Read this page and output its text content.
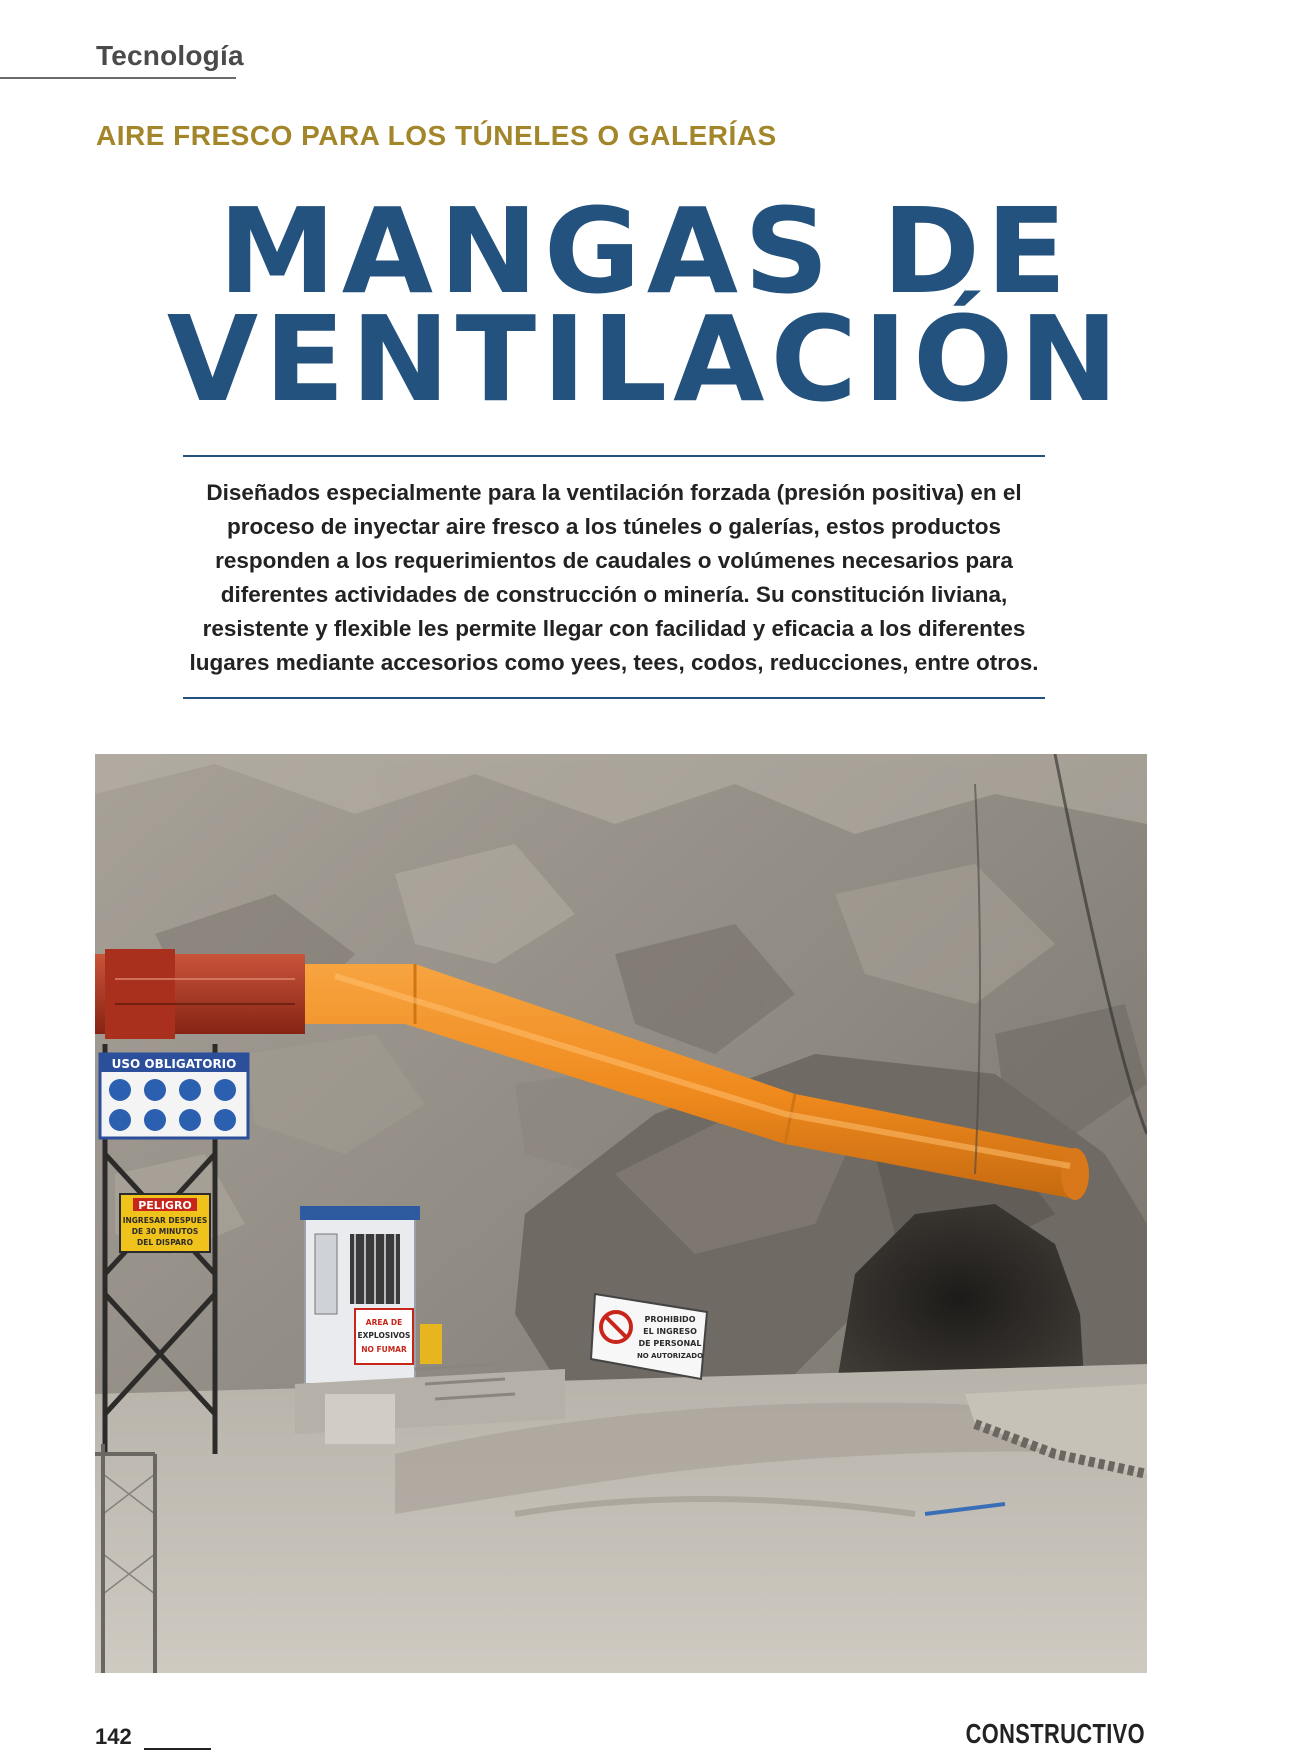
Tecnología
AIRE FRESCO PARA LOS TÚNELES O GALERÍAS
MANGAS DE
VENTILACIÓN
Diseñados especialmente para la ventilación forzada (presión positiva) en el proceso de inyectar aire fresco a los túneles o galerías, estos productos responden a los requerimientos de caudales o volúmenes necesarios para diferentes actividades de construcción o minería. Su constitución liviana, resistente y flexible les permite llegar con facilidad y eficacia a los diferentes lugares mediante accesorios como yees, tees, codos, reducciones, entre otros.
USO OBLIGATORIO
PELIGRO
INGRESAR DESPUES
DE 30 MINUTOS
DEL DISPARO
AREA DE
EXPLOSIVOS
NO FUMAR
PROHIBIDO
EL INGRESO
DE PERSONAL
NO AUTORIZADO
142	CONSTRUCTIVO
